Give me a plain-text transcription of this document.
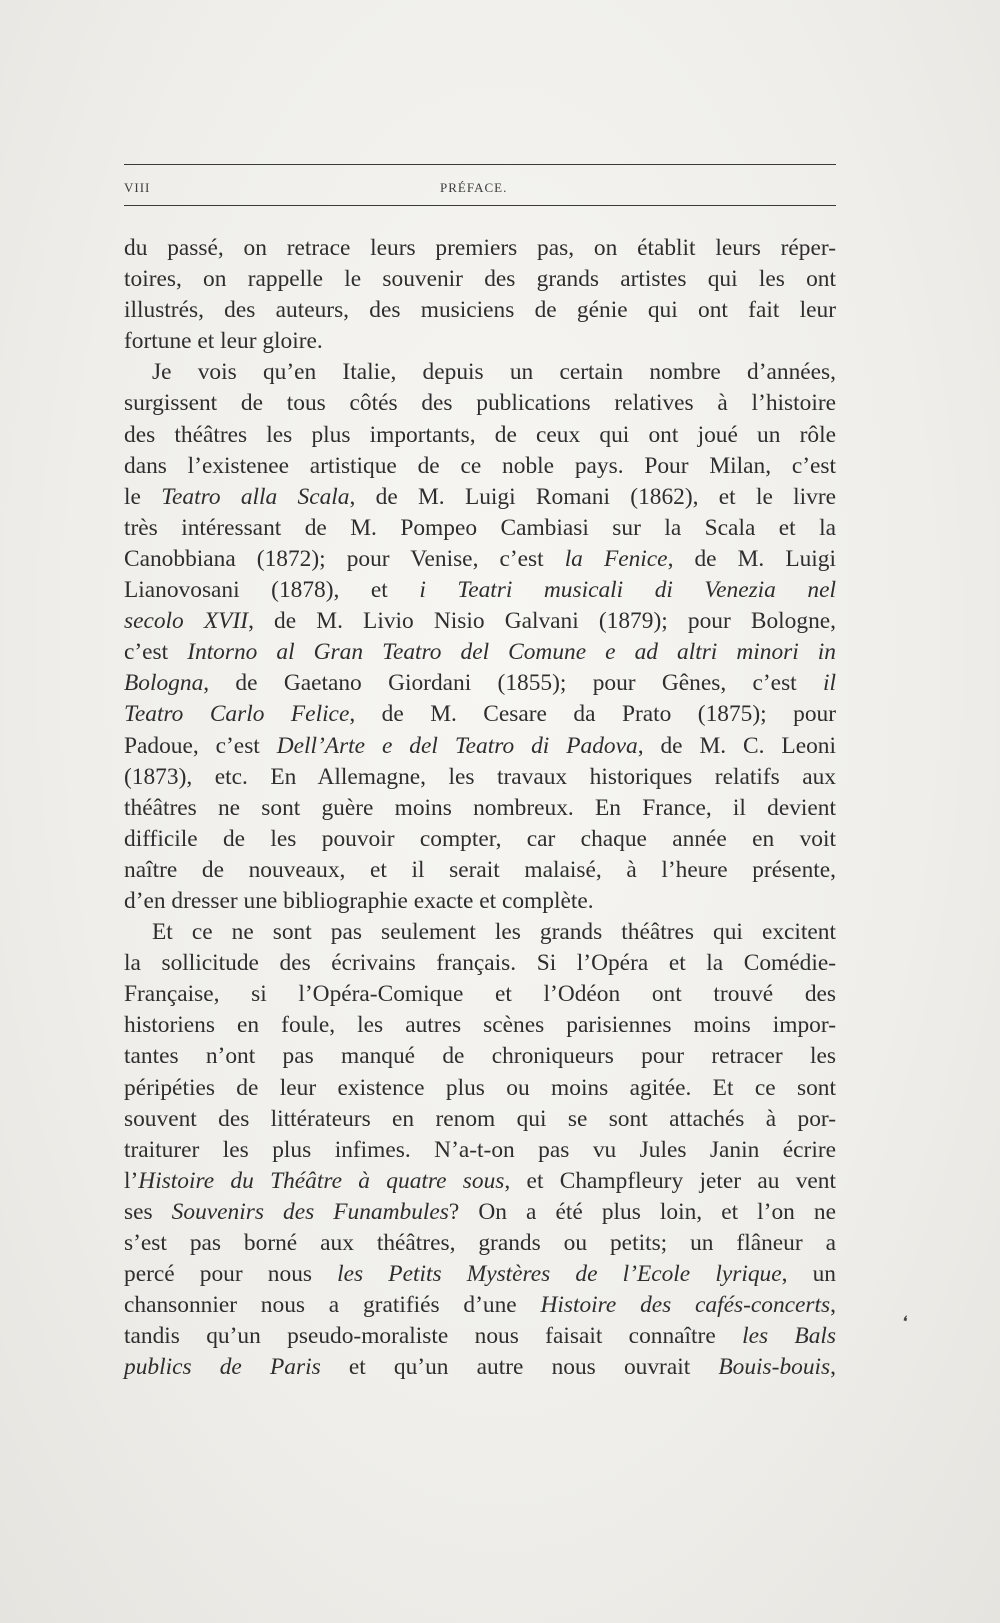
VIII	PRÉFACE.
du passé, on retrace leurs premiers pas, on établit leurs réper-
toires, on rappelle le souvenir des grands artistes qui les ont
illustrés, des auteurs, des musiciens de génie qui ont fait leur
fortune et leur gloire.
Je vois qu’en Italie, depuis un certain nombre d’années,
surgissent de tous côtés des publications relatives à l’histoire
des théâtres les plus importants, de ceux qui ont joué un rôle
dans l’existenee artistique de ce noble pays. Pour Milan, c’est
le Teatro alla Scala, de M. Luigi Romani (1862), et le livre
très intéressant de M. Pompeo Cambiasi sur la Scala et la
Canobbiana (1872); pour Venise, c’est la Fenice, de M. Luigi
Lianovosani (1878), et i Teatri musicali di Venezia nel
secolo XVII, de M. Livio Nisio Galvani (1879); pour Bologne,
c’est Intorno al Gran Teatro del Comune e ad altri minori in
Bologna, de Gaetano Giordani (1855); pour Gênes, c’est il
Teatro Carlo Felice, de M. Cesare da Prato (1875); pour
Padoue, c’est Dell’Arte e del Teatro di Padova, de M. C. Leoni
(1873), etc. En Allemagne, les travaux historiques relatifs aux
théâtres ne sont guère moins nombreux. En France, il devient
difficile de les pouvoir compter, car chaque année en voit
naître de nouveaux, et il serait malaisé, à l’heure présente,
d’en dresser une bibliographie exacte et complète.
Et ce ne sont pas seulement les grands théâtres qui excitent
la sollicitude des écrivains français. Si l’Opéra et la Comédie-
Française, si l’Opéra-Comique et l’Odéon ont trouvé des
historiens en foule, les autres scènes parisiennes moins impor-
tantes n’ont pas manqué de chroniqueurs pour retracer les
péripéties de leur existence plus ou moins agitée. Et ce sont
souvent des littérateurs en renom qui se sont attachés à por-
traiturer les plus infimes. N’a-t-on pas vu Jules Janin écrire
l’Histoire du Théâtre à quatre sous, et Champfleury jeter au vent
ses Souvenirs des Funambules? On a été plus loin, et l’on ne
s’est pas borné aux théâtres, grands ou petits; un flâneur a
percé pour nous les Petits Mystères de l’Ecole lyrique, un
chansonnier nous a gratifiés d’une Histoire des cafés-concerts,
tandis qu’un pseudo-moraliste nous faisait connaître les Bals
publics de Paris et qu’un autre nous ouvrait Bouis-bouis,
❛
